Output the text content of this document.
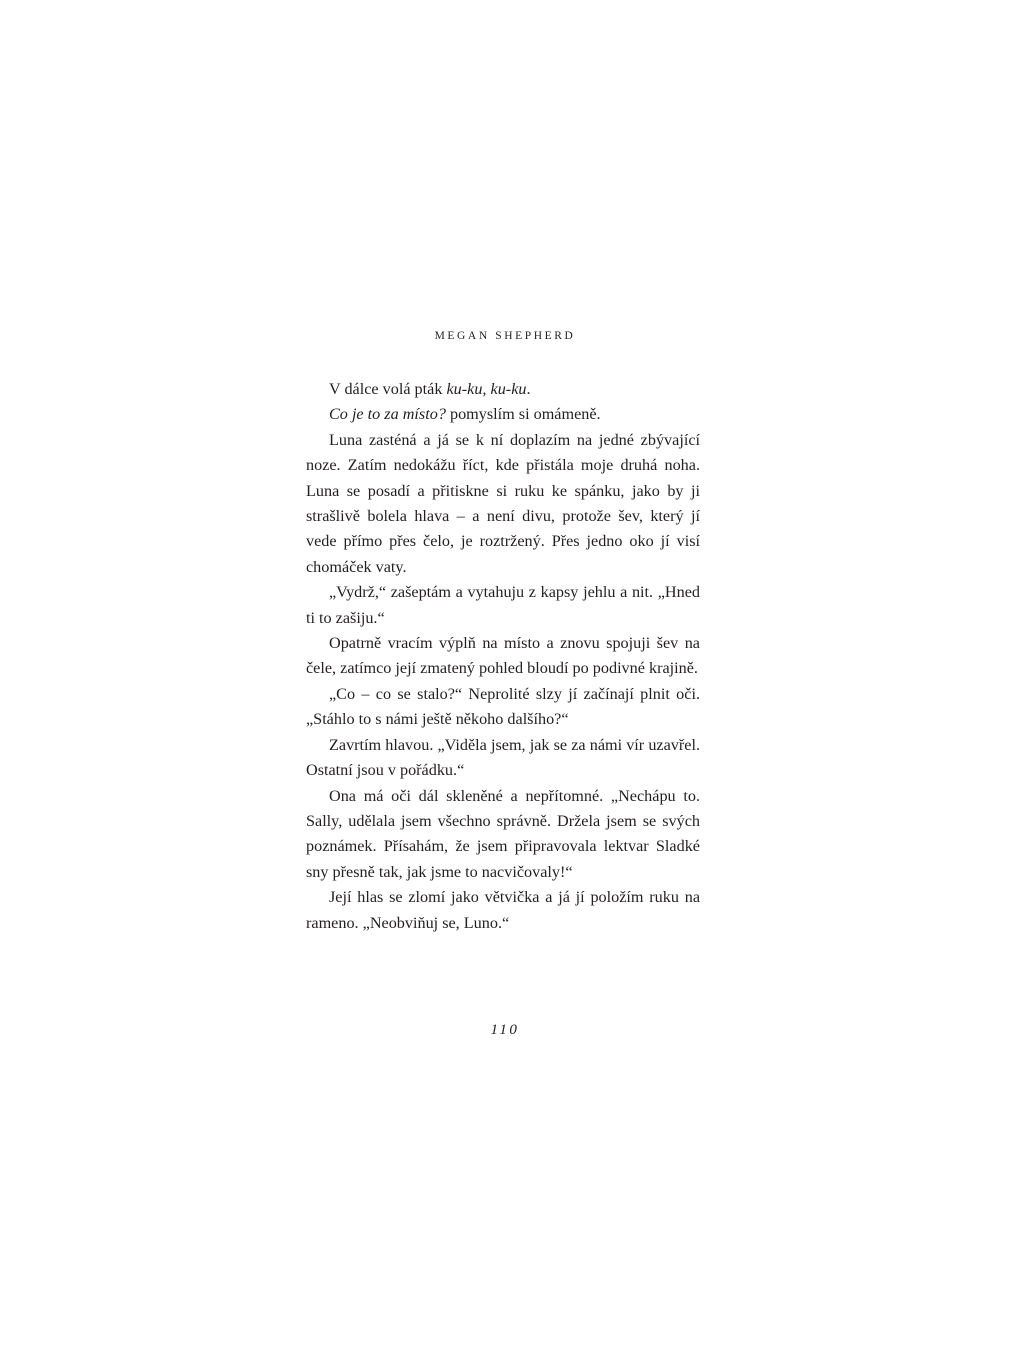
MEGAN SHEPHERD

V dálce volá pták ku-ku, ku-ku.

Co je to za místo? pomyslím si omámeně.

Luna zasténá a já se k ní doplazím na jedné zbývající noze. Zatím nedokážu říct, kde přistála moje druhá noha. Luna se posadí a přitiskne si ruku ke spánku, jako by ji strašlivě bolela hlava – a není divu, protože šev, který jí vede přímo přes čelo, je roztržený. Přes jedno oko jí visí chomáček vaty.

„Vydrž,“ zašeptám a vytahuju z kapsy jehlu a nit. „Hned ti to zašiju.“

Opatrně vracím výplň na místo a znovu spojuji šev na čele, zatímco její zmatený pohled bloudí po podivné krajině.

„Co – co se stalo?“ Neprolité slzy jí začínají plnit oči. „Stáhlo to s námi ještě někoho dalšího?“

Zavrtím hlavou. „Viděla jsem, jak se za námi vír uzavřel. Ostatní jsou v pořádku.“

Ona má oči dál skleněné a nepřítomné. „Nechápu to. Sally, udělala jsem všechno správně. Držela jsem se svých poznámek. Přísahám, že jsem připravovala lektvar Sladké sny přesně tak, jak jsme to nacvičovaly!“

Její hlas se zlomí jako větvička a já jí položím ruku na rameno. „Neobviňuj se, Luno.“

110
